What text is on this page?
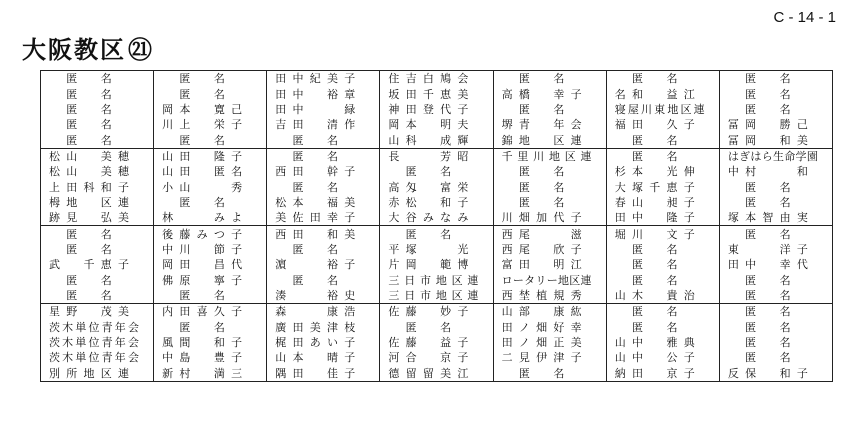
C - 14 - 1
大阪教区㉑
匿 名	匿 名	田 中 紀 美 子	住 吉 白 鳩 会	匿 名	匿 名	匿 名

匿 名	匿 名	田 中 裕 章	坂 田 千 恵 美	高 橋 幸 子	名 和 益 江	匿 名

匿 名	岡 本 寛 己	田 中　 緑	神 田 登 代 子	匿 名	寝 屋 川 東 地 区 連	匿 名

匿 名	川 上 栄 子	吉 田 清 作	岡 本 明 夫	堺 青 年 会	福 田 久 子	冨 岡 勝 己

匿 名	匿 名	匿 名	山 科 成 輝	錦 地 区 連	匿 名	冨 岡 和 美

松 山 美 穂	山 田 隆 子	匿 名	長　 芳 昭	千 里 川 地 区 連	匿 名	はぎはら生命学園

松 山 美 穂	山 田　 匿 名	西 田 幹 子	匿 名	匿 名	杉 本 光 伸	中 村　 和

上 田 科 和 子	小 山　 秀	匿 名	高 匁 富 栄	匿 名	大 塚 千 恵 子	匿 名

栂 地 区 連	匿 名	松 本 福 美	赤 松 和 子	匿 名	春 山 昶 子	匿 名

跡 見 弘 美	林　 み よ	美 佐 田 幸 子	大 谷 み な み	川 畑 加 代 子	田 中 隆 子	塚 本 智 由 実

匿 名	後 藤 み つ 子	西 田 和 美	匿 名	西 尾　 滋	堀 川 文 子	匿 名

匿 名	中 川 節 子	匿 名	平 塚　 光	西 尾 欣 子	匿 名	東　 洋 子

武　 千 恵 子	岡 田 昌 代	濵　 裕 子	片 岡 範 博	富 田 明 江	匿 名	田 中 幸 代

匿 名	佛 原 寧 子	匿 名	三 日 市 地 区 連	ロータリー地区連	匿 名	匿 名

匿 名	匿 名	湊　 裕 史	三 日 市 地 区 連	西 埜 植 規 秀	山 木 貴 治	匿 名

星 野 茂 美	内 田 喜 久 子	森　 康 浩	佐 藤 妙 子	山 部 康 紘	匿 名	匿 名

茨 木 単 位 青 年 会	匿 名	廣 田 美 津 枝	匿 名	田 ノ 畑 好 幸	匿 名	匿 名

茨 木 単 位 青 年 会	風 間 和 子	梶 田 あ い 子	佐 藤 益 子	田 ノ 畑 正 美	山 中 雅 典	匿 名

茨 木 単 位 青 年 会	中 島 豊 子	山 本 晴 子	河 合 京 子	二 見 伊 津 子	山 中 公 子	匿 名

別 所 地 区 連	新 村 満 三	隅 田 佳 子	德 留 留 美 江	匿 名	納 田 京 子	反 保 和 子
